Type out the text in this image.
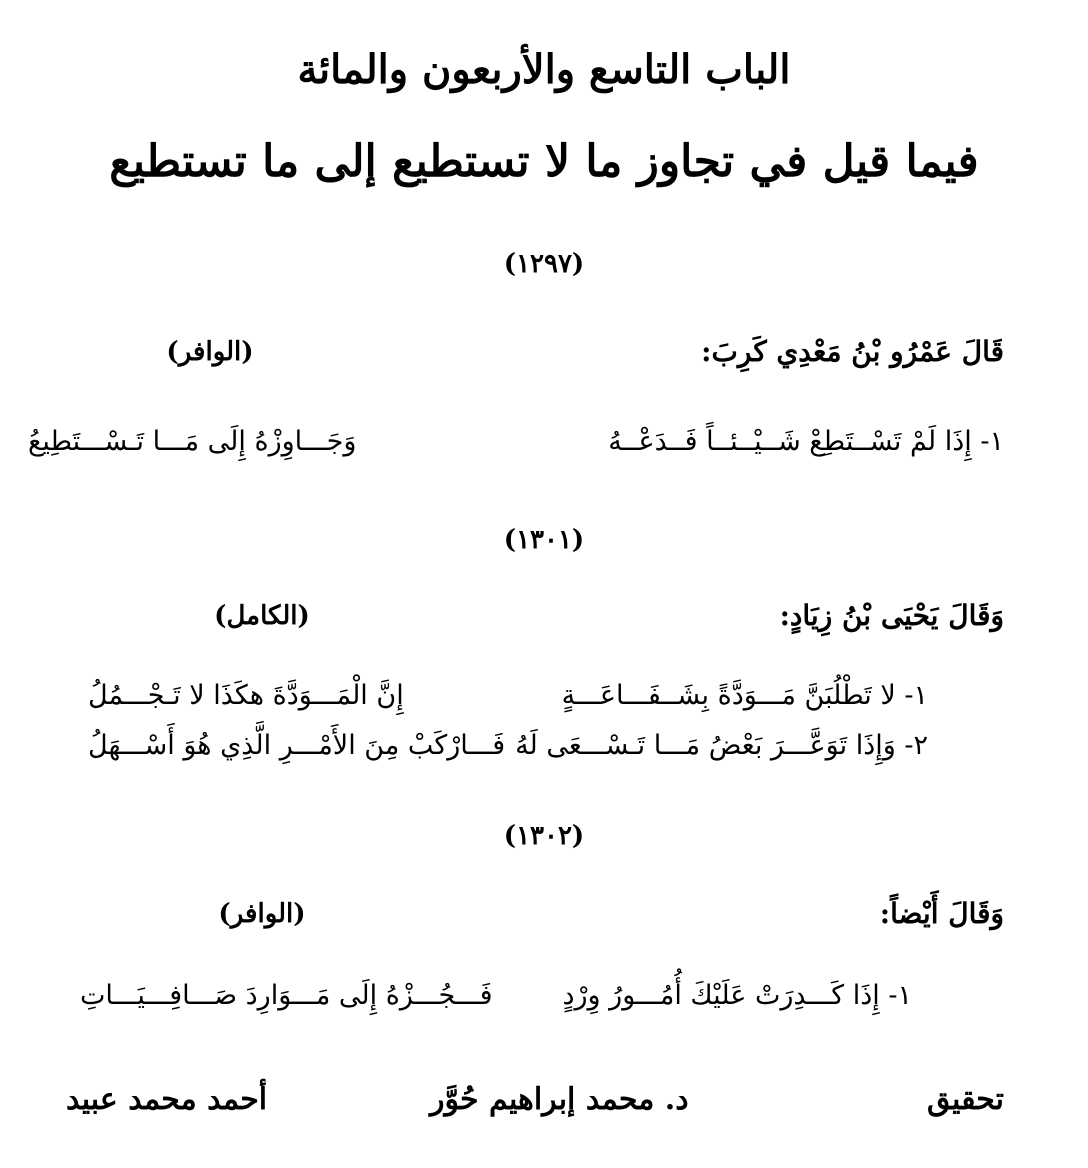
الباب التاسع والأربعون والمائة
فيما قيل في تجاوز ما لا تستطيع إلى ما تستطيع
(١٢٩٧)
قَالَ عَمْرُو بْنُ مَعْدِي كَرِبَ:
(الوافر)
١- إِذَا لَمْ تَسْــتَطِعْ شَــيْــئــاً فَــدَعْــهُ
وَجَـــاوِزْهُ إِلَى مَـــا تَـسْـــتَطِيعُ
(١٣٠١)
وَقَالَ يَحْيَى بْنُ زِيَادٍ:
(الكامل)
١- لا تَطْلُبَنَّ مَـــوَدَّةً بِشَــفَـــاعَـــةٍ
إِنَّ الْمَـــوَدَّةَ هكَذَا لا تَـجْـــمُلُ
٢- وَإِذَا تَوَعَّـــرَ بَعْضُ مَـــا تَـسْـــعَى لَهُ
فَـــارْكَبْ مِنَ الأَمْـــرِ الَّذِي هُوَ أَسْـــهَلُ
(١٣٠٢)
وَقَالَ أَيْضاً:
(الوافر)
١- إِذَا كَـــدِرَتْ عَلَيْكَ أُمُـــورُ وِرْدٍ
فَـــجُـــزْهُ إِلَى مَـــوَارِدَ صَـــافِـــيَـــاتِ
تحقيق
د. محمد إبراهيم حُوَّر
أحمد محمد عبيد
